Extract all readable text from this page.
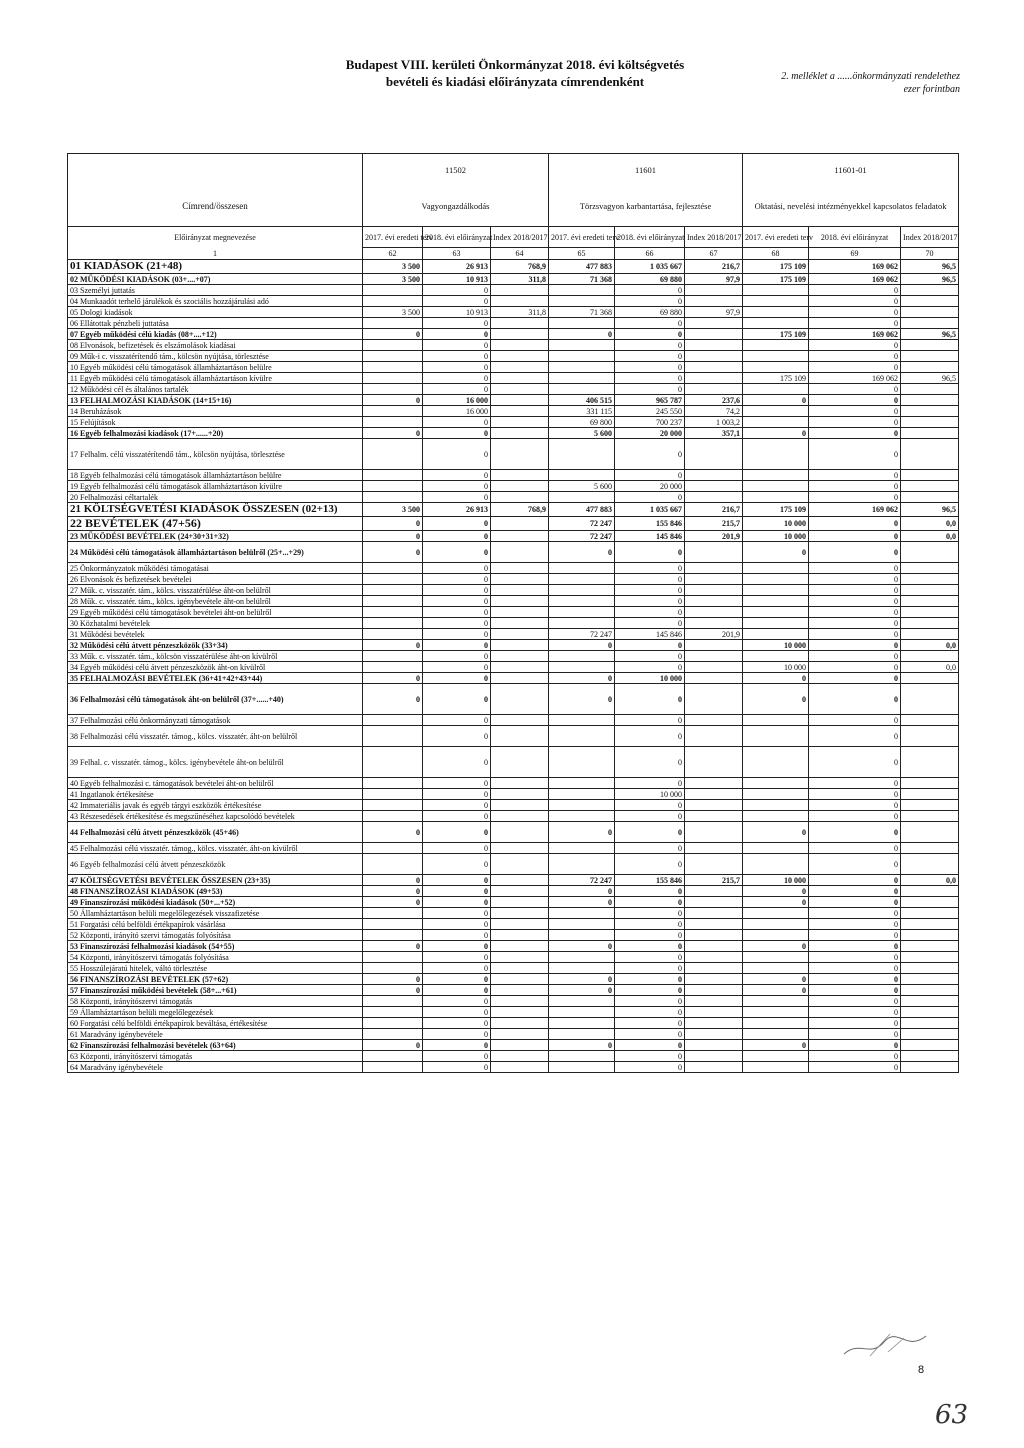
Budapest VIII. kerületi Önkormányzat 2018. évi költségvetés
bevételi és kiadási előirányzata címrendenként	2. melléklet a ......önkormányzati rendelethez
ezer forintban
	11502			11601			11601-01		
Címrend/összesen	Vagyongazdálkodás			Törzsvagyon karbantartása, fejlesztése			Oktatási, nevelési intézményekkel kapcsolatos feladatok		
Előirányzat megnevezése	2017. évi eredeti terv	2018. évi előirányzat	Index 2018/2017	2017. évi eredeti terv	2018. évi előirányzat	Index 2018/2017	2017. évi eredeti terv	2018. évi előirányzat	Index 2018/2017
1	62	63	64	65	66	67	68	69	70
01 KIADÁSOK (21+48)	3 500	26 913	768,9	477 883	1 035 667	216,7	175 109	169 062	96,5
02 MŰKÖDÉSI KIADÁSOK (03+....+07)	3 500	10 913	311,8	71 368	69 880	97,9	175 109	169 062	96,5
03 Személyi juttatás		0			0			0	
04 Munkaadót terhelő járulékok és szociális hozzájárulási adó		0			0			0	
05 Dologi kiadások	3 500	10 913	311,8	71 368	69 880	97,9		0	
06 Ellátottak pénzbeli juttatása		0			0			0	
07 Egyéb működési célú kiadás (08+....+12)	0	0		0	0		175 109	169 062	96,5
08 Elvonások, befizetések és elszámolások kiadásai		0			0			0	
09 Műk-i c. visszatérítendő tám., kölcsön nyújtása, törlesztése		0			0			0	
10 Egyéb működési célú támogatások államháztartáson belülre		0			0			0	
11 Egyéb működési célú támogatások államháztartáson kívülre		0			0		175 109	169 062	96,5
12 Működési cél és általános tartalék		0			0			0	
13 FELHALMOZÁSI KIADÁSOK (14+15+16)	0	16 000		406 515	965 787	237,6	0	0	
14 Beruházások		16 000		331 115	245 550	74,2		0	
15 Felújítások		0		69 800	700 237	1 003,2		0	
16 Egyéb felhalmozási kiadások (17+......+20)	0	0		5 600	20 000	357,1	0	0	
17 Felhalm. célú visszatérítendő tám., kölcsön nyújtása, törlesztése		0			0			0	
18 Egyéb felhalmozási célú támogatások államháztartáson belülre		0			0			0	
19 Egyéb felhalmozási célú támogatások államháztartáson kívülre		0		5 600	20 000			0	
20 Felhalmozási céltartalék		0			0			0	
21 KÖLTSÉGVETÉSI KIADÁSOK ÖSSZESEN (02+13)	3 500	26 913	768,9	477 883	1 035 667	216,7	175 109	169 062	96,5
22 BEVÉTELEK (47+56)	0	0		72 247	155 846	215,7	10 000	0	0,0
23 MŰKÖDÉSI BEVÉTELEK (24+30+31+32)	0	0		72 247	145 846	201,9	10 000	0	0,0
24 Működési célú támogatások államháztartáson belülről (25+...+29)	0	0		0	0		0	0	
25 Önkormányzatok működési támogatásai		0			0			0	
26 Elvonások és befizetések bevételei		0			0			0	
27 Műk. c. visszatér. tám., kölcs. visszatérülése áht-on belülről		0			0			0	
28 Műk. c. visszatér. tám., kölcs. igénybevétele áht-on belülről		0			0			0	
29 Egyéb működési célú támogatások bevételei áht-on belülről		0			0			0	
30 Közhatalmi bevételek		0			0			0	
31 Működési bevételek		0		72 247	145 846	201,9		0	
32 Működési célú átvett pénzeszközök (33+34)	0	0		0	0		10 000	0	0,0
33 Műk. c. visszatér. tám., kölcsön visszatérülése áht-on kívülről		0			0			0	
34 Egyéb működési célú átvett pénzeszközök áht-on kívülről		0			0		10 000	0	0,0
35 FELHALMOZÁSI BEVÉTELEK (36+41+42+43+44)	0	0		0	10 000		0	0	
36 Felhalmozási célú támogatások áht-on belülről (37+......+40)	0	0		0	0		0	0	
37 Felhalmozási célú önkormányzati támogatások		0			0			0	
38 Felhalmozási célú visszatér. támog., kölcs. visszatér. áht-on belülről		0			0			0	
39 Felhal. c. visszatér. támog., kölcs. igénybevétele áht-on belülről		0			0			0	
40 Egyéb felhalmozási c. támogatások bevételei áht-on belülről		0			0			0	
41 Ingatlanok értékesítése		0			10 000			0	
42 Immateriális javak és egyéb tárgyi eszközök értékesítése		0			0			0	
43 Részesedések értékesítése és megszűnéséhez kapcsolódó bevételek		0			0			0	
44 Felhalmozási célú átvett pénzeszközök (45+46)	0	0		0	0		0	0	
45 Felhalmozási célú visszatér. támog., kölcs. visszatér. áht-on kívülről		0			0			0	
46 Egyéb felhalmozási célú átvett pénzeszközök		0			0			0	
47 KÖLTSÉGVETÉSI BEVÉTELEK ÖSSZESEN (23+35)	0	0		72 247	155 846	215,7	10 000	0	0,0
48 FINANSZÍROZÁSI KIADÁSOK (49+53)	0	0		0	0		0	0	
49 Finanszírozási működési kiadások (50+...+52)	0	0		0	0		0	0	
50 Államháztartáson belüli megelőlegezések visszafizetése		0			0			0	
51 Forgatási célú belföldi értékpapírok vásárlása		0			0			0	
52 Központi, irányító szervi támogatás folyósítása		0			0			0	
53 Finanszírozási felhalmozási kiadások (54+55)	0	0		0	0		0	0	
54 Központi, irányítószervi támogatás folyósítása		0			0			0	
55 Hosszúlejáratú hitelek, váltó törlesztése		0			0			0	
56 FINANSZÍROZÁSI BEVÉTELEK (57+62)	0	0		0	0		0	0	
57 Finanszírozási működési bevételek (58+...+61)	0	0		0	0		0	0	
58 Központi, irányítószervi támogatás		0			0			0	
59 Államháztartáson belüli megelőlegezések		0			0			0	
60 Forgatási célú belföldi értékpapírok beváltása, értékesítése		0			0			0	
61 Maradvány igénybevétele		0			0			0	
62 Finanszírozási felhalmozási bevételek (63+64)	0	0		0	0		0	0	
63 Központi, irányítószervi támogatás		0			0			0	
64 Maradvány igénybevétele		0			0			0	
8
63
